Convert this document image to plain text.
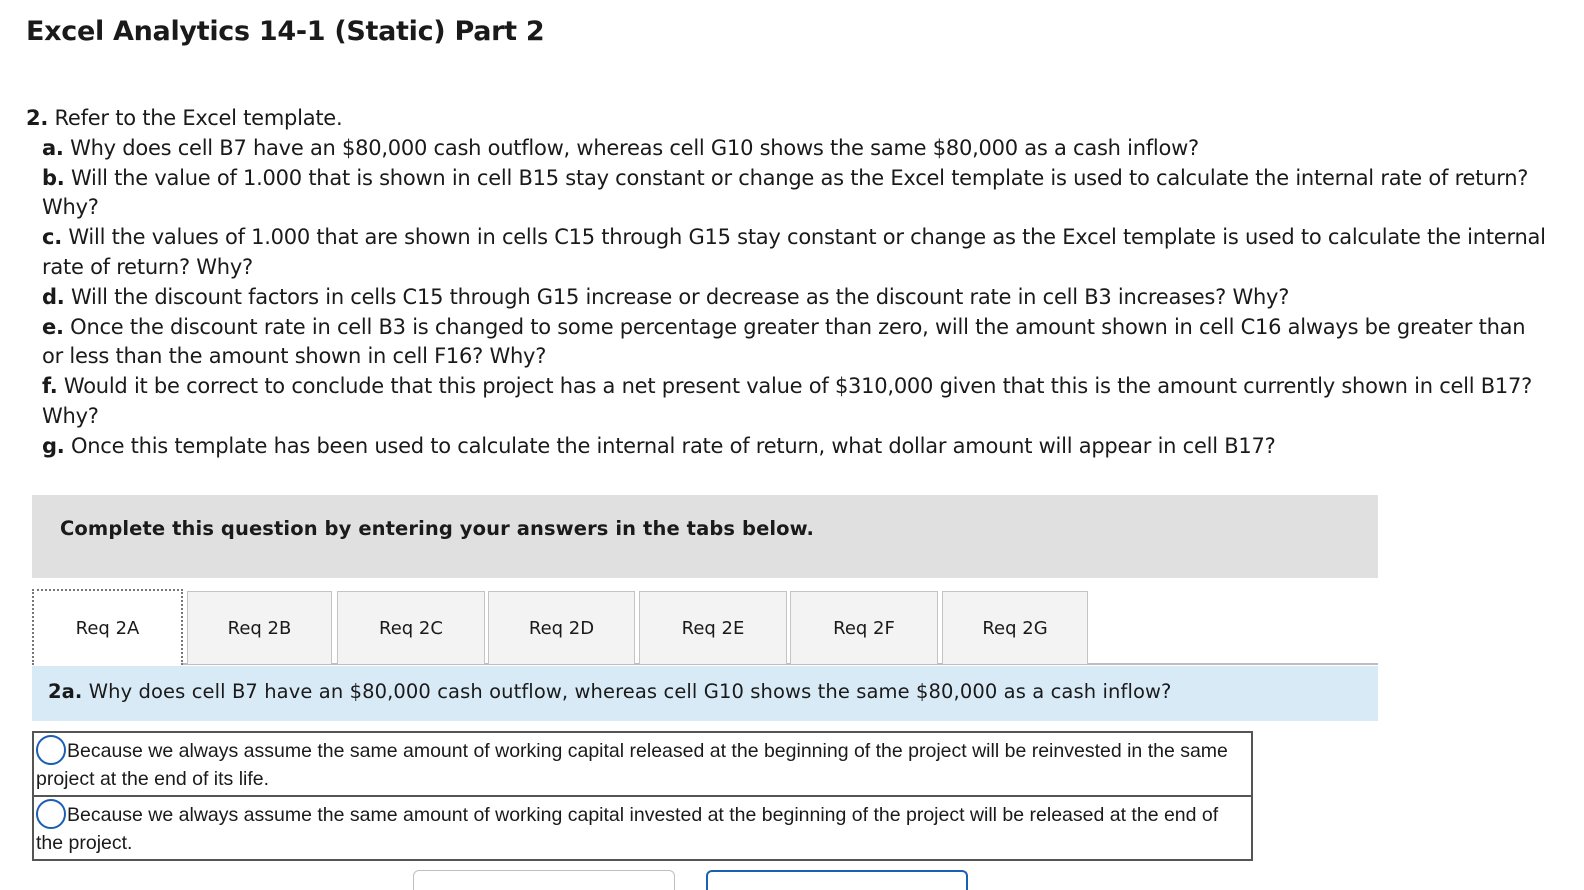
Excel Analytics 14-1 (Static) Part 2
2. Refer to the Excel template.
a. Why does cell B7 have an $80,000 cash outflow, whereas cell G10 shows the same $80,000 as a cash inflow?
b. Will the value of 1.000 that is shown in cell B15 stay constant or change as the Excel template is used to calculate the internal rate of return? Why?
c. Will the values of 1.000 that are shown in cells C15 through G15 stay constant or change as the Excel template is used to calculate the internal rate of return? Why?
d. Will the discount factors in cells C15 through G15 increase or decrease as the discount rate in cell B3 increases? Why?
e. Once the discount rate in cell B3 is changed to some percentage greater than zero, will the amount shown in cell C16 always be greater than or less than the amount shown in cell F16? Why?
f. Would it be correct to conclude that this project has a net present value of $310,000 given that this is the amount currently shown in cell B17? Why?
g. Once this template has been used to calculate the internal rate of return, what dollar amount will appear in cell B17?
Complete this question by entering your answers in the tabs below.
Req 2A	Req 2B	Req 2C	Req 2D	Req 2E	Req 2F	Req 2G
2a. Why does cell B7 have an $80,000 cash outflow, whereas cell G10 shows the same $80,000 as a cash inflow?
Because we always assume the same amount of working capital released at the beginning of the project will be reinvested in the same project at the end of its life.
Because we always assume the same amount of working capital invested at the beginning of the project will be released at the end of the project.
